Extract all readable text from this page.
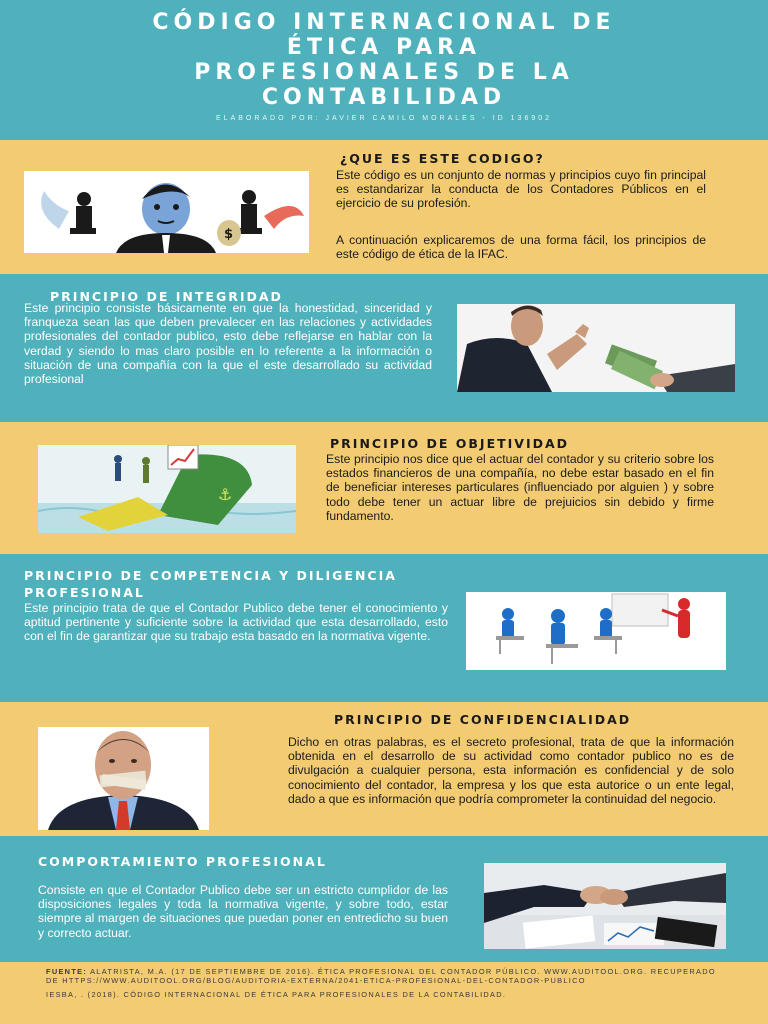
CÓDIGO INTERNACIONAL DE
ÉTICA PARA
PROFESIONALES DE LA
CONTABILIDAD
ELABORADO POR: JAVIER CAMILO MORALES - ID 136902
$
¿QUE ES ESTE CODIGO?

Este código es un conjunto de normas y principios cuyo fin principal es estandarizar la conducta de los Contadores Públicos en el ejercicio de su profesión.

A continuación explicaremos de una forma fácil, los principios de este código de ética de la IFAC.

PRINCIPIO DE INTEGRIDAD

Este principio consiste básicamente en que la honestidad, sinceridad y franqueza sean las que deben prevalecer en las relaciones y actividades profesionales del contador publico, esto debe reflejarse en hablar con la verdad y siendo lo mas claro posible en lo referente a la información o situación de una compañía con la que el este desarrollado su actividad profesional

⚓
PRINCIPIO DE OBJETIVIDAD

Este principio nos dice que el actuar del contador y su criterio sobre los estados financieros de una compañía, no debe estar basado en el fin de beneficiar intereses particulares (influenciado por alguien ) y sobre todo debe tener un actuar libre de prejuicios sin debido y firme fundamento.

PRINCIPIO DE COMPETENCIA Y DILIGENCIA
PROFESIONAL

Este principio trata de que el Contador Publico debe tener el conocimiento y aptitud pertinente y suficiente sobre la actividad que esta desarrollado, esto con el fin de garantizar que su trabajo esta basado en la normativa vigente.

PRINCIPIO DE CONFIDENCIALIDAD

Dicho en otras palabras, es el secreto profesional, trata de que la información obtenida en el desarrollo de su actividad como contador publico no es de divulgación a cualquier persona, esta información es confidencial y de solo conocimiento del contador, la empresa y los que esta autorice o un ente legal, dado a que es información que podría comprometer la continuidad del negocio.

COMPORTAMIENTO PROFESIONAL

Consiste en que el Contador Publico debe ser un estricto cumplidor de las disposiciones legales y toda la normativa vigente, y sobre todo, estar siempre al margen de situaciones que puedan poner en entredicho su buen y correcto actuar.

FUENTE: ALATRISTA, M.A. (17 DE SEPTIEMBRE DE 2016). ÉTICA PROFESIONAL DEL CONTADOR PÚBLICO. WWW.AUDITOOL.ORG. RECUPERADO DE HTTPS://WWW.AUDITOOL.ORG/BLOG/AUDITORIA-EXTERNA/2041-ETICA-PROFESIONAL-DEL-CONTADOR-PUBLICO

IESBA, . (2018). CÓDIGO INTERNACIONAL DE ÉTICA PARA PROFESIONALES DE LA CONTABILIDAD.
